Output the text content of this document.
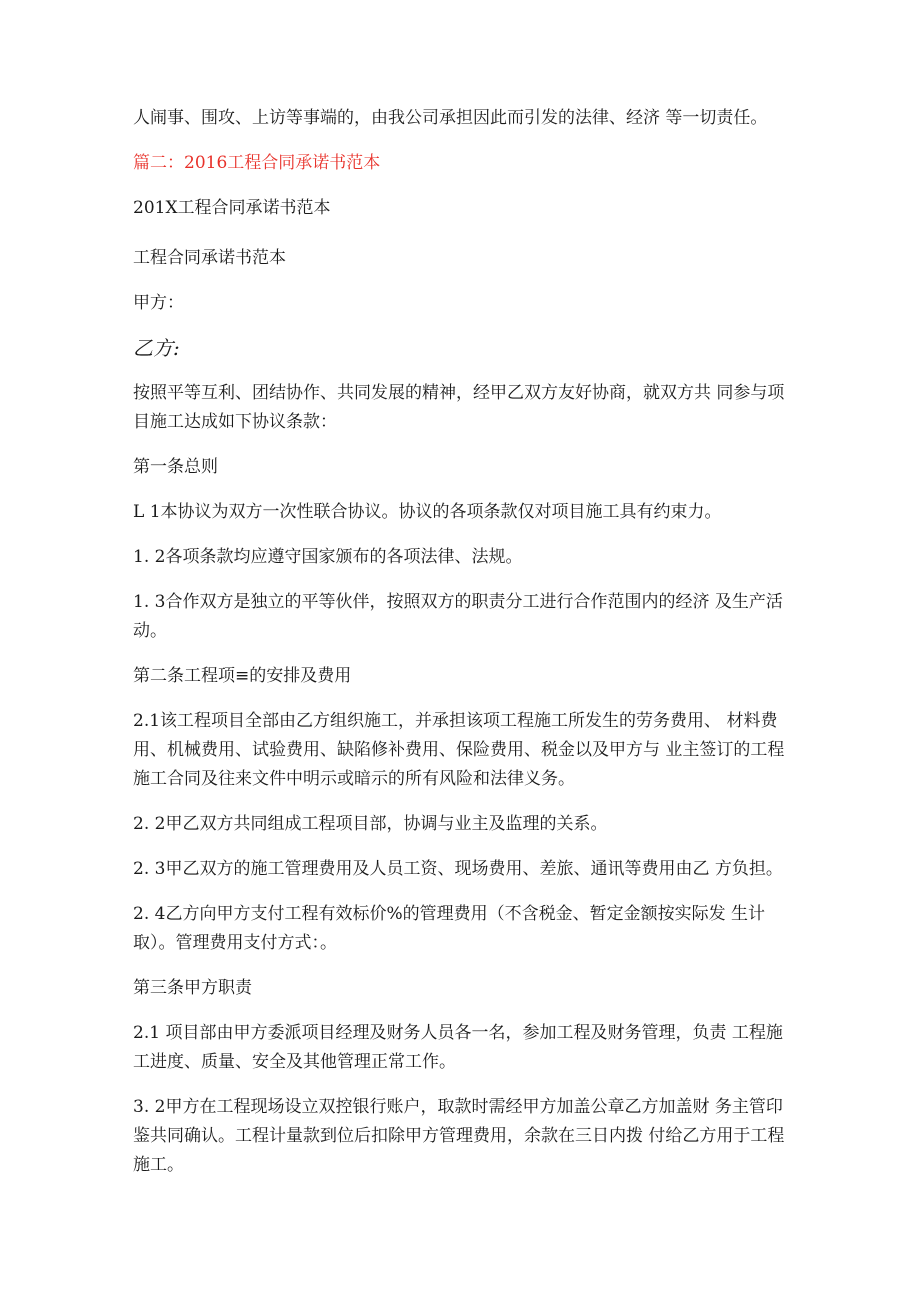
人闹事、围攻、上访等事端的，由我公司承担因此而引发的法律、经济 等一切责任。

篇二：2016工程合同承诺书范本

201X工程合同承诺书范本

工程合同承诺书范本

甲方：

乙方:

按照平等互利、团结协作、共同发展的精神，经甲乙双方友好协商，就双方共 同参与项目施工达成如下协议条款：

第一条总则

L 1本协议为双方一次性联合协议。协议的各项条款仅对项目施工具有约束力。

1. 2各项条款均应遵守国家颁布的各项法律、法规。

1. 3合作双方是独立的平等伙伴，按照双方的职责分工进行合作范围内的经济 及生产活动。

第二条工程项≡的安排及费用

2.1该工程项目全部由乙方组织施工，并承担该项工程施工所发生的劳务费用、 材料费用、机械费用、试验费用、缺陷修补费用、保险费用、税金以及甲方与 业主签订的工程施工合同及往来文件中明示或暗示的所有风险和法律义务。

2. 2甲乙双方共同组成工程项目部，协调与业主及监理的关系。

2. 3甲乙双方的施工管理费用及人员工资、现场费用、差旅、通讯等费用由乙 方负担。

2. 4乙方向甲方支付工程有效标价%的管理费用（不含税金、暂定金额按实际发 生计取）。管理费用支付方式：。

第三条甲方职责

2.1 项目部由甲方委派项目经理及财务人员各一名，参加工程及财务管理，负责 工程施工进度、质量、安全及其他管理正常工作。

3. 2甲方在工程现场设立双控银行账户，取款时需经甲方加盖公章乙方加盖财 务主管印鉴共同确认。工程计量款到位后扣除甲方管理费用，余款在三日内拨 付给乙方用于工程施工。
